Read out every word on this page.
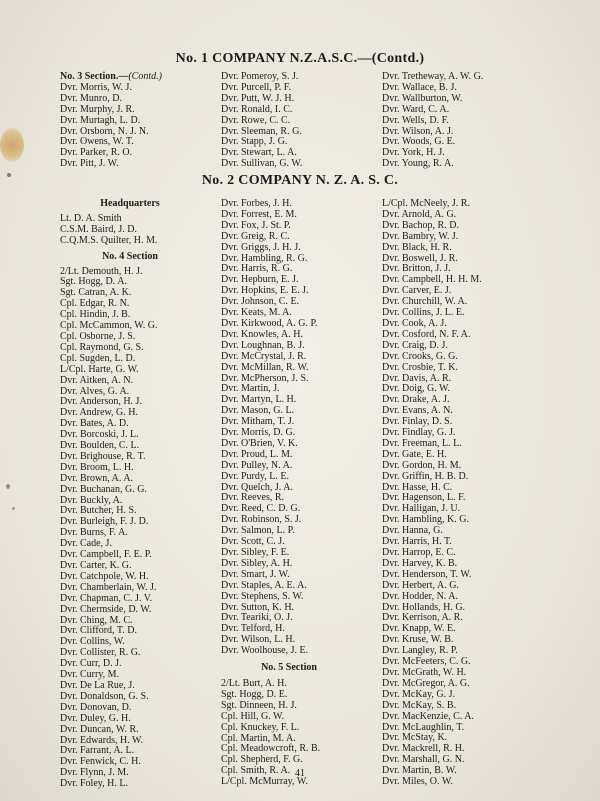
No. 1 COMPANY N.Z.A.S.C.—(Contd.)
No. 3 Section.—(Contd.)
Dvr. Morris, W. J.
Dvr. Munro, D.
Dvr. Murphy, J. R.
Dvr. Murtagh, L. D.
Dvr. Orsborn, N. J. N.
Dvr. Owens, W. T.
Dvr. Parker, R. O.
Dvr. Pitt, J. W.
Dvr. Pomeroy, S. J.
Dvr. Purcell, P. F.
Dvr. Putt, W. J. H.
Dvr. Ronald, I. C.
Dvr. Rowe, C. C.
Dvr. Sleeman, R. G.
Dvr. Stapp, J. G.
Dvr. Stewart, L. A.
Dvr. Sullivan, G. W.
Dvr. Tretheway, A. W. G.
Dvr. Wallace, B. J.
Dvr. Wallburton, W.
Dvr. Ward, C. A.
Dvr. Wells, D. F.
Dvr. Wilson, A. J.
Dvr. Woods, G. E.
Dvr. York, H. J.
Dvr. Young, R. A.
No. 2 COMPANY N. Z. A. S. C.
Headquarters
Lt. D. A. Smith
C.S.M. Baird, J. D.
C.Q.M.S. Quilter, H. M.
No. 4 Section
2/Lt. Demouth, H. J.
Sgt. Hogg, D. A.
Sgt. Catran, A. K.
Cpl. Edgar, R. N.
Cpl. Hindin, J. B.
Cpl. McCammon, W. G.
Cpl. Osborne, J. S.
Cpl. Raymond, G. S.
Cpl. Sugden, L. D.
L/Cpl. Harte, G. W.
Dvr. Aitken, A. N.
Dvr. Alves, G. A.
Dvr. Anderson, H. J.
Dvr. Andrew, G. H.
Dvr. Bates, A. D.
Dvr. Borcoski, J. L.
Dvr. Boulden, C. L.
Dvr. Brighouse, R. T.
Dvr. Broom, L. H.
Dvr. Brown, A. A.
Dvr. Buchanan, G. G.
Dvr. Buckly, A.
Dvr. Butcher, H. S.
Dvr. Burleigh, F. J. D.
Dvr. Burns, F. A.
Dvr. Cade, J.
Dvr. Campbell, F. E. P.
Dvr. Carter, K. G.
Dvr. Catchpole, W. H.
Dvr. Chamberlain, W. J.
Dvr. Chapman, C. J. V.
Dvr. Chermside, D. W.
Dvr. Ching, M. C.
Dvr. Clifford, T. D.
Dvr. Collins, W.
Dvr. Collister, R. G.
Dvr. Curr, D. J.
Dvr. Curry, M.
Dvr. De La Rue, J.
Dvr. Donaldson, G. S.
Dvr. Donovan, D.
Dvr. Duley, G. H.
Dvr. Duncan, W. R.
Dvr. Edwards, H. W.
Dvr. Farrant, A. L.
Dvr. Fenwick, C. H.
Dvr. Flynn, J. M.
Dvr. Foley, H. L.
Dvr. Forbes, J. H.
Dvr. Forrest, E. M.
Dvr. Fox, J. St. P.
Dvr. Greig, R. C.
Dvr. Griggs, J. H. J.
Dvr. Hambling, R. G.
Dvr. Harris, R. G.
Dvr. Hepburn, E. J.
Dvr. Hopkins, E. E. J.
Dvr. Johnson, C. E.
Dvr. Keats, M. A.
Dvr. Kirkwood, A. G. P.
Dvr. Knowles, A. H.
Dvr. Loughnan, B. J.
Dvr. McCrystal, J. R.
Dvr. McMillan, R. W.
Dvr. McPherson, J. S.
Dvr. Martin, J.
Dvr. Martyn, L. H.
Dvr. Mason, G. L.
Dvr. Mitham, T. J.
Dvr. Morris, D. G.
Dvr. O'Brien, V. K.
Dvr. Proud, L. M.
Dvr. Pulley, N. A.
Dvr. Purdy, L. E.
Dvr. Quelch, J. A.
Dvr. Reeves, R.
Dvr. Reed, C. D. G.
Dvr. Robinson, S. J.
Dvr. Salmon, L. P.
Dvr. Scott, C. J.
Dvr. Sibley, F. E.
Dvr. Sibley, A. H.
Dvr. Smart, J. W.
Dvr. Staples, A. E. A.
Dvr. Stephens, S. W.
Dvr. Sutton, K. H.
Dvr. Teariki, O. J.
Dvr. Telford, H.
Dvr. Wilson, L. H.
Dvr. Woolhouse, J. E.
No. 5 Section
2/Lt. Burt, A. H.
Sgt. Hogg, D. E.
Sgt. Dinneen, H. J.
Cpl. Hill, G. W.
Cpl. Knuckey, F. L.
Cpl. Martin, M. A.
Cpl. Meadowcroft, R. B.
Cpl. Shepherd, F. G.
Cpl. Smith, R. A.
L/Cpl. McMurray, W.
L/Cpl. McNeely, J. R.
Dvr. Arnold, A. G.
Dvr. Bachop, R. D.
Dvr. Bambry, W. J.
Dvr. Black, H. R.
Dvr. Boswell, J. R.
Dvr. Britton, J. J.
Dvr. Campbell, H. H. M.
Dvr. Carver, E. J.
Dvr. Churchill, W. A.
Dvr. Collins, J. L. E.
Dvr. Cook, A. J.
Dvr. Cosford, N. F. A.
Dvr. Craig, D. J.
Dvr. Crooks, G. G.
Dvr. Crosbie, T. K.
Dvr. Davis, A. R.
Dvr. Doig, G. W.
Dvr. Drake, A. J.
Dvr. Evans, A. N.
Dvr. Finlay, D. S.
Dvr. Findlay, G. J.
Dvr. Freeman, L. L.
Dvr. Gate, E. H.
Dvr. Gordon, H. M.
Dvr. Griffin, H. B. D.
Dvr. Hasse, H. C.
Dvr. Hagenson, L. F.
Dvr. Halligan, J. U.
Dvr. Hambling, K. G.
Dvr. Hanna, G.
Dvr. Harris, H. T.
Dvr. Harrop, E. C.
Dvr. Harvey, K. B.
Dvr. Henderson, T. W.
Dvr. Herbert, A. G.
Dvr. Hodder, N. A.
Dvr. Hollands, H. G.
Dvr. Kerrison, A. R.
Dvr. Knapp, W. E.
Dvr. Kruse, W. B.
Dvr. Langley, R. P.
Dvr. McFeeters, C. G.
Dvr. McGrath, W. H.
Dvr. McGregor, A. G.
Dvr. McKay, G. J.
Dvr. McKay, S. B.
Dvr. MacKenzie, C. A.
Dvr. McLaughlin, T.
Dvr. McStay, K.
Dvr. Mackrell, R. H.
Dvr. Marshall, G. N.
Dvr. Martin, B. W.
Dvr. Miles, O. W.
41
